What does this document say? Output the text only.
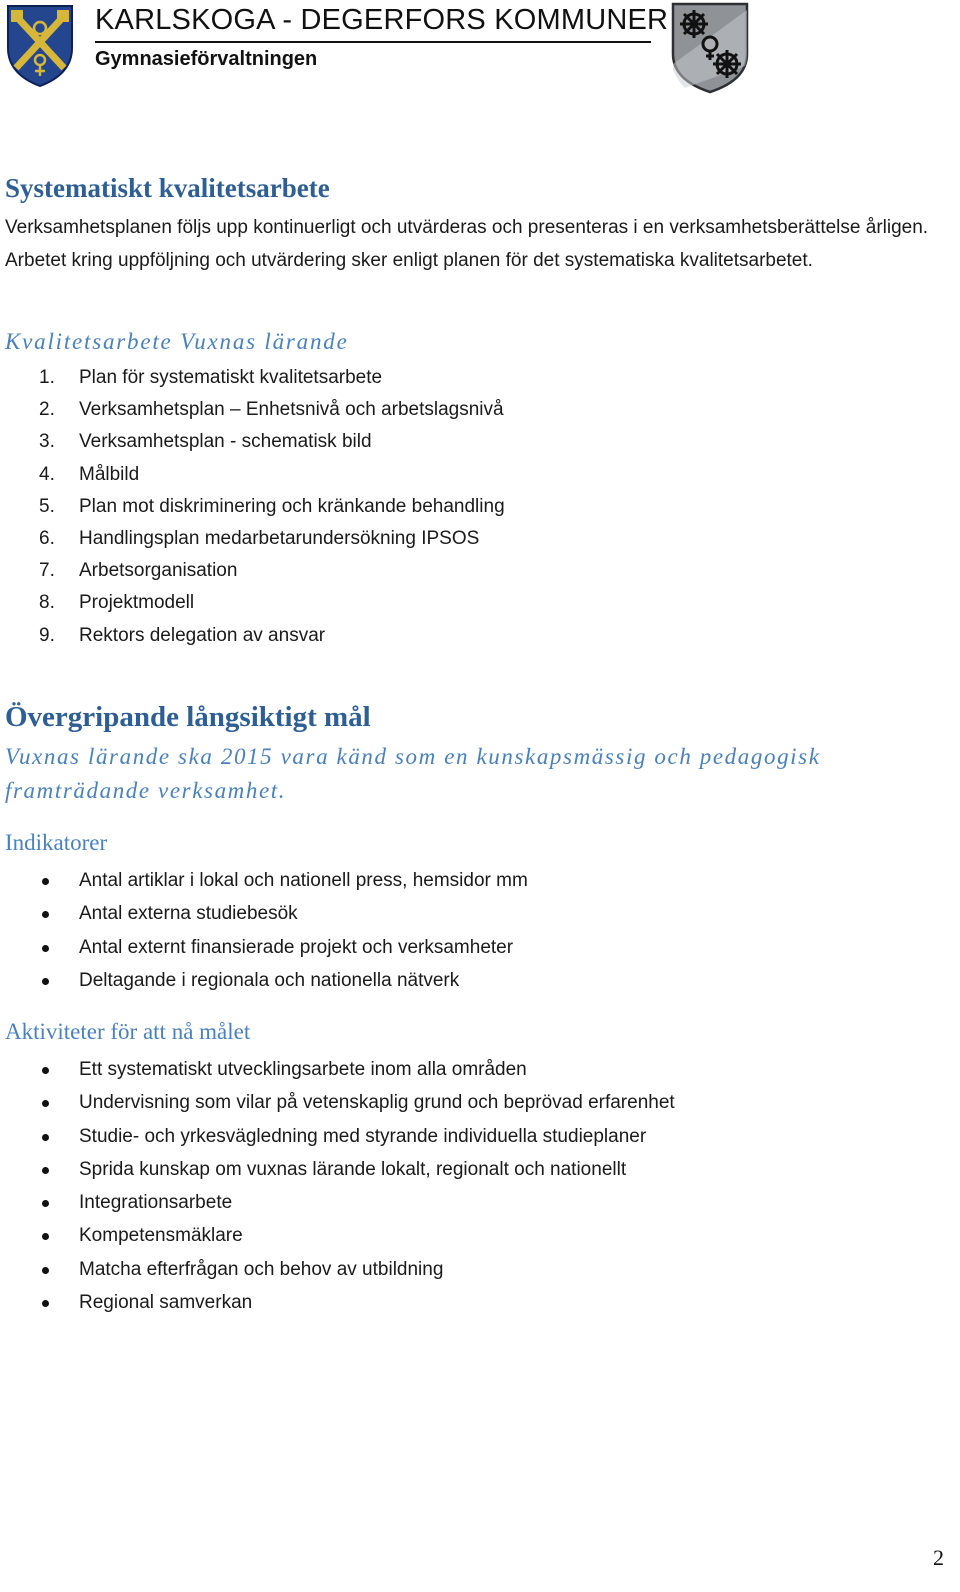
KARLSKOGA - DEGERFORS KOMMUNER
Gymnasieförvaltningen
Systematiskt kvalitetsarbete
Verksamhetsplanen följs upp kontinuerligt och utvärderas och presenteras i en verksamhetsberättelse årligen. Arbetet kring uppföljning och utvärdering sker enligt planen för det systematiska kvalitetsarbetet.
Kvalitetsarbete Vuxnas lärande
1.	Plan för systematiskt kvalitetsarbete
2.	Verksamhetsplan – Enhetsnivå och arbetslagsnivå
3.	Verksamhetsplan - schematisk bild
4.	Målbild
5.	Plan mot diskriminering och kränkande behandling
6.	Handlingsplan medarbetarundersökning IPSOS
7.	Arbetsorganisation
8.	Projektmodell
9.	Rektors delegation av ansvar
Övergripande långsiktigt mål
Vuxnas lärande ska 2015 vara känd som en kunskapsmässig och pedagogisk framträdande verksamhet.
Indikatorer
Antal artiklar i lokal och nationell press, hemsidor mm
Antal externa studiebesök
Antal externt finansierade projekt och verksamheter
Deltagande i regionala och nationella nätverk
Aktiviteter för att nå målet
Ett systematiskt utvecklingsarbete inom alla områden
Undervisning som vilar på vetenskaplig grund och beprövad erfarenhet
Studie- och yrkesvägledning med styrande individuella studieplaner
Sprida kunskap om vuxnas lärande lokalt, regionalt och nationellt
Integrationsarbete
Kompetensmäklare
Matcha efterfrågan och behov av utbildning
Regional samverkan
2
